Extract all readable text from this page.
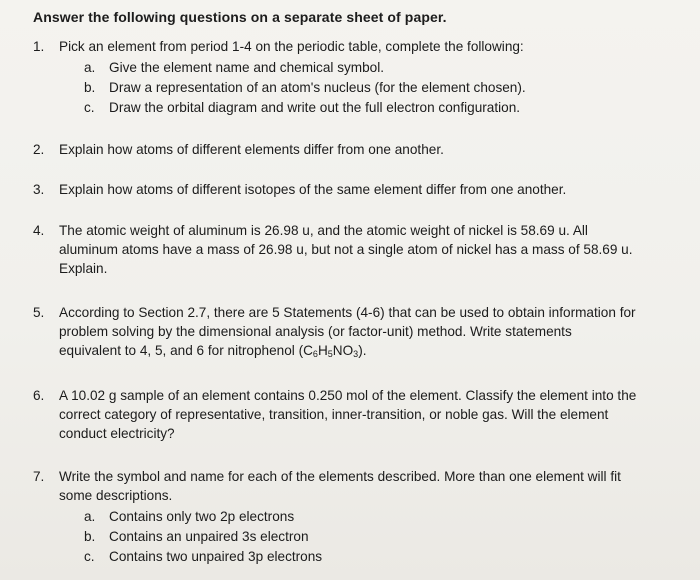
Answer the following questions on a separate sheet of paper.
1.	Pick an element from period 1-4 on the periodic table, complete the following:
a. Give the element name and chemical symbol.
b. Draw a representation of an atom's nucleus (for the element chosen).
c. Draw the orbital diagram and write out the full electron configuration.
2.	Explain how atoms of different elements differ from one another.
3.	Explain how atoms of different isotopes of the same element differ from one another.
4.	The atomic weight of aluminum is 26.98 u, and the atomic weight of nickel is 58.69 u. All
aluminum atoms have a mass of 26.98 u, but not a single atom of nickel has a mass of 58.69 u.
Explain.
5.	According to Section 2.7, there are 5 Statements (4-6) that can be used to obtain information for
problem solving by the dimensional analysis (or factor-unit) method. Write statements
equivalent to 4, 5, and 6 for nitrophenol $(C_6H_5NO_3)$.
6.	A 10.02 g sample of an element contains 0.250 mol of the element. Classify the element into the
correct category of representative, transition, inner-transition, or noble gas. Will the element
conduct electricity?
7.	Write the symbol and name for each of the elements described. More than one element will fit
some descriptions.
a. Contains only two 2p electrons
b. Contains an unpaired 3s electron
c. Contains two unpaired 3p electrons
